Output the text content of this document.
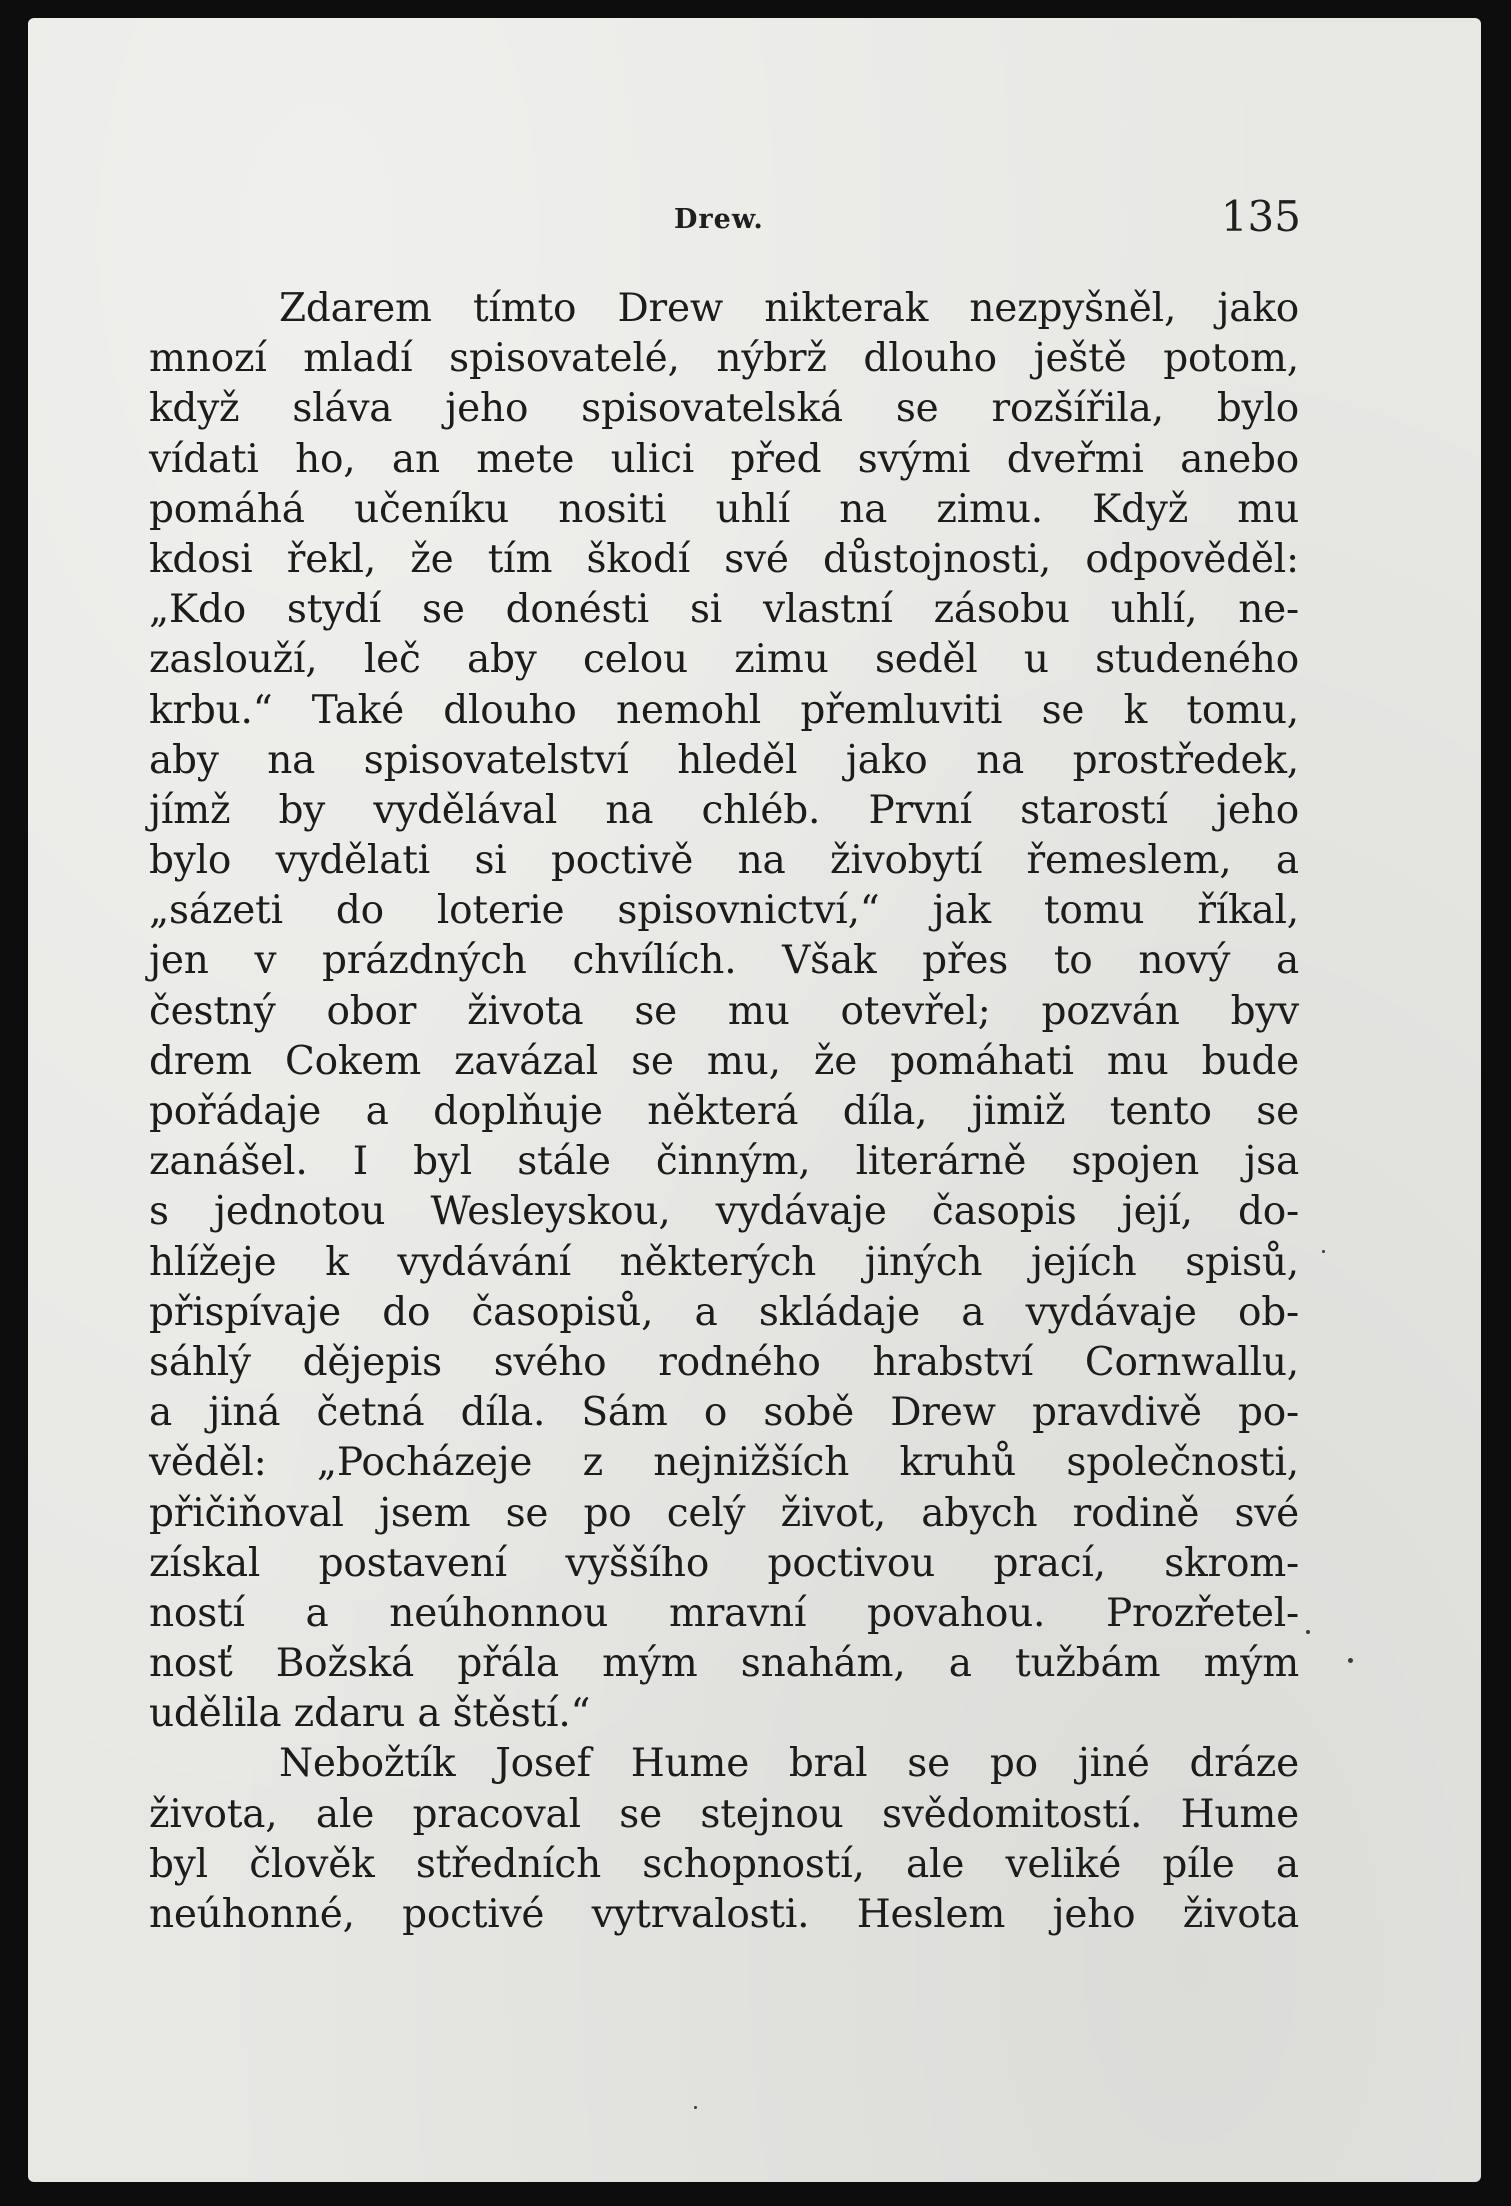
Drew.	135
Zdarem tímto Drew nikterak nezpyšněl, jako
mnozí mladí spisovatelé, nýbrž dlouho ještě potom,
když sláva jeho spisovatelská se rozšířila, bylo
vídati ho, an mete ulici před svými dveřmi anebo
pomáhá učeníku nositi uhlí na zimu. Když mu
kdosi řekl, že tím škodí své důstojnosti, odpověděl:
„Kdo stydí se donésti si vlastní zásobu uhlí, ne-
zaslouží, leč aby celou zimu seděl u studeného
krbu.“ Také dlouho nemohl přemluviti se k tomu,
aby na spisovatelství hleděl jako na prostředek,
jímž by vydělával na chléb. První starostí jeho
bylo vydělati si poctivě na živobytí řemeslem, a
„sázeti do loterie spisovnictví,“ jak tomu říkal,
jen v prázdných chvílích. Však přes to nový a
čestný obor života se mu otevřel; pozván byv
drem Cokem zavázal se mu, že pomáhati mu bude
pořádaje a doplňuje některá díla, jimiž tento se
zanášel. I byl stále činným, literárně spojen jsa
s jednotou Wesleyskou, vydávaje časopis její, do-
hlížeje k vydávání některých jiných jejích spisů,
přispívaje do časopisů, a skládaje a vydávaje ob-
sáhlý dějepis svého rodného hrabství Cornwallu,
a jiná četná díla. Sám o sobě Drew pravdivě po-
věděl: „Pocházeje z nejnižších kruhů společnosti,
přičiňoval jsem se po celý život, abych rodině své
získal postavení vyššího poctivou prací, skrom-
ností a neúhonnou mravní povahou. Prozřetel-
nosť Božská přála mým snahám, a tužbám mým
udělila zdaru a štěstí.“
Nebožtík Josef Hume bral se po jiné dráze
života, ale pracoval se stejnou svědomitostí. Hume
byl člověk středních schopností, ale veliké píle a
neúhonné, poctivé vytrvalosti. Heslem jeho života
